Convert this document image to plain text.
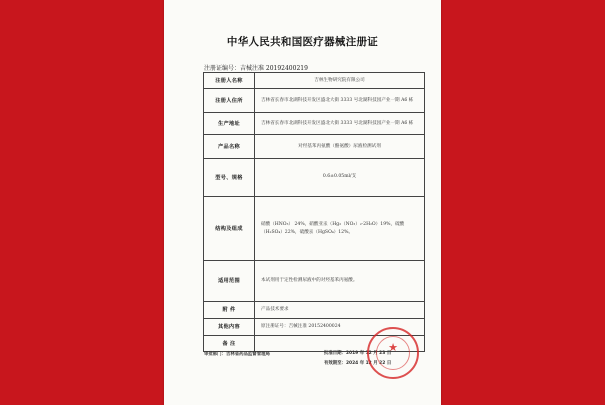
中华人民共和国医疗器械注册证
注册证编号：吉械注准 20192400219
注册人名称	吉林生物研究院有限公司
注册人住所	吉林省长春市北湖科技开发区盛北大街 3333 号北湖科技园产业一期 A6 栋
生产地址	吉林省长春市北湖科技开发区盛北大街 3333 号北湖科技园产业一期 A6 栋
产品名称	对羟基苯丙氨酸（酪氨酸）尿液检测试剂
型号、规格	0.6±0.05ml/支
结构及组成	硝酸（HNO₃） 24%，硝酸亚汞（Hg₂（NO₃）₂·2H₂O）19%，硫酸（H₂SO₄）22%，硫酸汞（HgSO₄）12%。
适用范围	本试剂用于定性检测尿液中的对羟基苯丙氨酸。
附 件	产品技术要求
其他内容	原注册证号：吉械注准 20152400024
备 注	
审批部门：吉林省药品监督管理局	批准日期：2019 年 12 月 23 日
有效期至：2024 年 12 月 22 日
★
